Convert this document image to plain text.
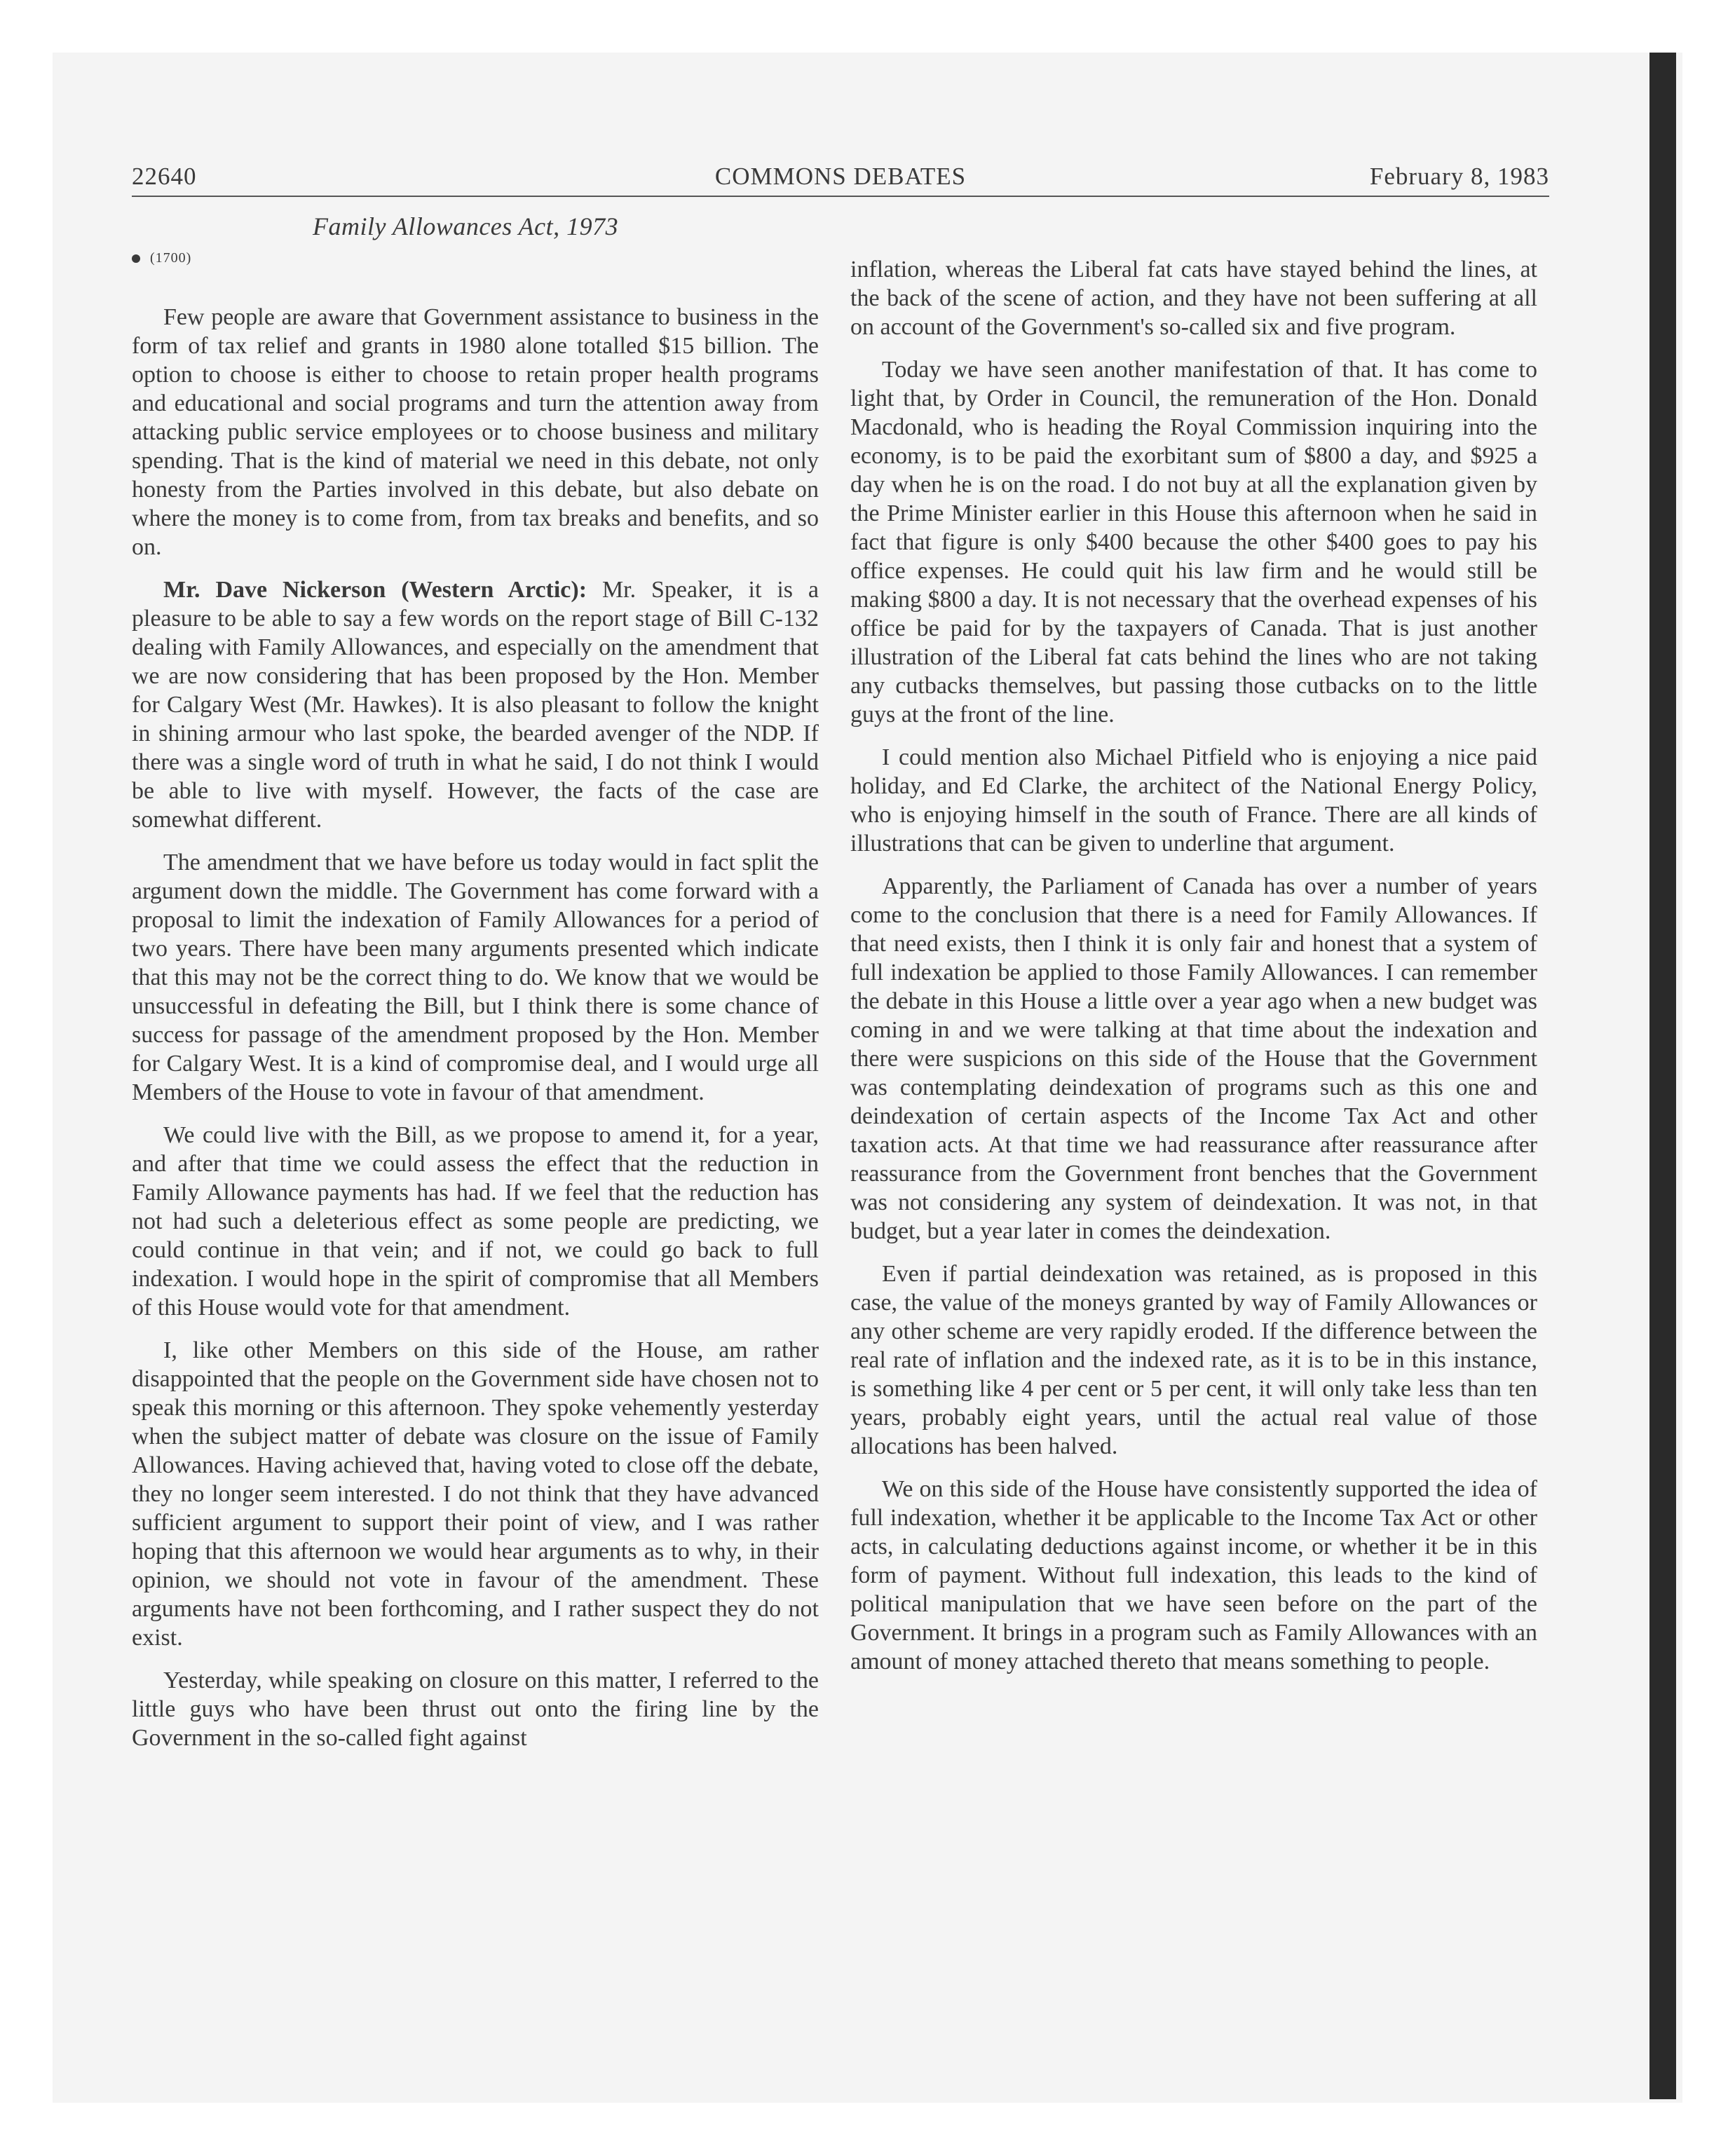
22640	COMMONS DEBATES	February 8, 1983
Family Allowances Act, 1973
(1700)

Few people are aware that Government assistance to business in the form of tax relief and grants in 1980 alone totalled $15 billion. The option to choose is either to choose to retain proper health programs and educational and social programs and turn the attention away from attacking public service employees or to choose business and military spending. That is the kind of material we need in this debate, not only honesty from the Parties involved in this debate, but also debate on where the money is to come from, from tax breaks and benefits, and so on.

Mr. Dave Nickerson (Western Arctic): Mr. Speaker, it is a pleasure to be able to say a few words on the report stage of Bill C-132 dealing with Family Allowances, and especially on the amendment that we are now considering that has been proposed by the Hon. Member for Calgary West (Mr. Hawkes). It is also pleasant to follow the knight in shining armour who last spoke, the bearded avenger of the NDP. If there was a single word of truth in what he said, I do not think I would be able to live with myself. However, the facts of the case are somewhat different.

The amendment that we have before us today would in fact split the argument down the middle. The Government has come forward with a proposal to limit the indexation of Family Allowances for a period of two years. There have been many arguments presented which indicate that this may not be the correct thing to do. We know that we would be unsuccessful in defeating the Bill, but I think there is some chance of success for passage of the amendment proposed by the Hon. Member for Calgary West. It is a kind of compromise deal, and I would urge all Members of the House to vote in favour of that amendment.

We could live with the Bill, as we propose to amend it, for a year, and after that time we could assess the effect that the reduction in Family Allowance payments has had. If we feel that the reduction has not had such a deleterious effect as some people are predicting, we could continue in that vein; and if not, we could go back to full indexation. I would hope in the spirit of compromise that all Members of this House would vote for that amendment.

I, like other Members on this side of the House, am rather disappointed that the people on the Government side have chosen not to speak this morning or this afternoon. They spoke vehemently yesterday when the subject matter of debate was closure on the issue of Family Allowances. Having achieved that, having voted to close off the debate, they no longer seem interested. I do not think that they have advanced sufficient argument to support their point of view, and I was rather hoping that this afternoon we would hear arguments as to why, in their opinion, we should not vote in favour of the amendment. These arguments have not been forthcoming, and I rather suspect they do not exist.

Yesterday, while speaking on closure on this matter, I referred to the little guys who have been thrust out onto the firing line by the Government in the so-called fight against

inflation, whereas the Liberal fat cats have stayed behind the lines, at the back of the scene of action, and they have not been suffering at all on account of the Government's so-called six and five program.

Today we have seen another manifestation of that. It has come to light that, by Order in Council, the remuneration of the Hon. Donald Macdonald, who is heading the Royal Commission inquiring into the economy, is to be paid the exorbitant sum of $800 a day, and $925 a day when he is on the road. I do not buy at all the explanation given by the Prime Minister earlier in this House this afternoon when he said in fact that figure is only $400 because the other $400 goes to pay his office expenses. He could quit his law firm and he would still be making $800 a day. It is not necessary that the overhead expenses of his office be paid for by the taxpayers of Canada. That is just another illustration of the Liberal fat cats behind the lines who are not taking any cutbacks themselves, but passing those cutbacks on to the little guys at the front of the line.

I could mention also Michael Pitfield who is enjoying a nice paid holiday, and Ed Clarke, the architect of the National Energy Policy, who is enjoying himself in the south of France. There are all kinds of illustrations that can be given to underline that argument.

Apparently, the Parliament of Canada has over a number of years come to the conclusion that there is a need for Family Allowances. If that need exists, then I think it is only fair and honest that a system of full indexation be applied to those Family Allowances. I can remember the debate in this House a little over a year ago when a new budget was coming in and we were talking at that time about the indexation and there were suspicions on this side of the House that the Government was contemplating deindexation of programs such as this one and deindexation of certain aspects of the Income Tax Act and other taxation acts. At that time we had reassurance after reassurance after reassurance from the Government front benches that the Government was not considering any system of deindexation. It was not, in that budget, but a year later in comes the deindexation.

Even if partial deindexation was retained, as is proposed in this case, the value of the moneys granted by way of Family Allowances or any other scheme are very rapidly eroded. If the difference between the real rate of inflation and the indexed rate, as it is to be in this instance, is something like 4 per cent or 5 per cent, it will only take less than ten years, probably eight years, until the actual real value of those allocations has been halved.

We on this side of the House have consistently supported the idea of full indexation, whether it be applicable to the Income Tax Act or other acts, in calculating deductions against income, or whether it be in this form of payment. Without full indexation, this leads to the kind of political manipulation that we have seen before on the part of the Government. It brings in a program such as Family Allowances with an amount of money attached thereto that means something to people.
